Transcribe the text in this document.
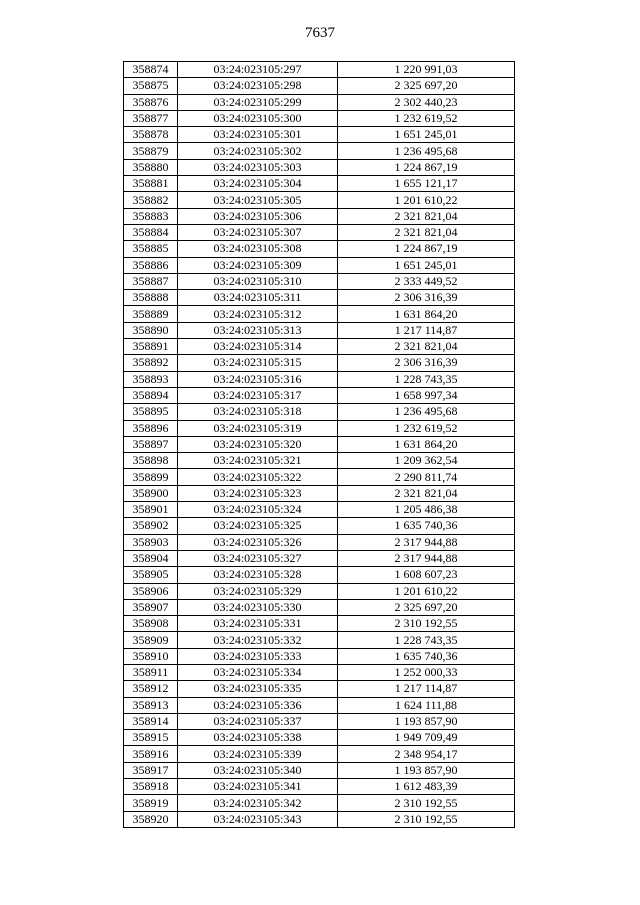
7637
358874	03:24:023105:297	1 220 991,03
358875	03:24:023105:298	2 325 697,20
358876	03:24:023105:299	2 302 440,23
358877	03:24:023105:300	1 232 619,52
358878	03:24:023105:301	1 651 245,01
358879	03:24:023105:302	1 236 495,68
358880	03:24:023105:303	1 224 867,19
358881	03:24:023105:304	1 655 121,17
358882	03:24:023105:305	1 201 610,22
358883	03:24:023105:306	2 321 821,04
358884	03:24:023105:307	2 321 821,04
358885	03:24:023105:308	1 224 867,19
358886	03:24:023105:309	1 651 245,01
358887	03:24:023105:310	2 333 449,52
358888	03:24:023105:311	2 306 316,39
358889	03:24:023105:312	1 631 864,20
358890	03:24:023105:313	1 217 114,87
358891	03:24:023105:314	2 321 821,04
358892	03:24:023105:315	2 306 316,39
358893	03:24:023105:316	1 228 743,35
358894	03:24:023105:317	1 658 997,34
358895	03:24:023105:318	1 236 495,68
358896	03:24:023105:319	1 232 619,52
358897	03:24:023105:320	1 631 864,20
358898	03:24:023105:321	1 209 362,54
358899	03:24:023105:322	2 290 811,74
358900	03:24:023105:323	2 321 821,04
358901	03:24:023105:324	1 205 486,38
358902	03:24:023105:325	1 635 740,36
358903	03:24:023105:326	2 317 944,88
358904	03:24:023105:327	2 317 944,88
358905	03:24:023105:328	1 608 607,23
358906	03:24:023105:329	1 201 610,22
358907	03:24:023105:330	2 325 697,20
358908	03:24:023105:331	2 310 192,55
358909	03:24:023105:332	1 228 743,35
358910	03:24:023105:333	1 635 740,36
358911	03:24:023105:334	1 252 000,33
358912	03:24:023105:335	1 217 114,87
358913	03:24:023105:336	1 624 111,88
358914	03:24:023105:337	1 193 857,90
358915	03:24:023105:338	1 949 709,49
358916	03:24:023105:339	2 348 954,17
358917	03:24:023105:340	1 193 857,90
358918	03:24:023105:341	1 612 483,39
358919	03:24:023105:342	2 310 192,55
358920	03:24:023105:343	2 310 192,55
